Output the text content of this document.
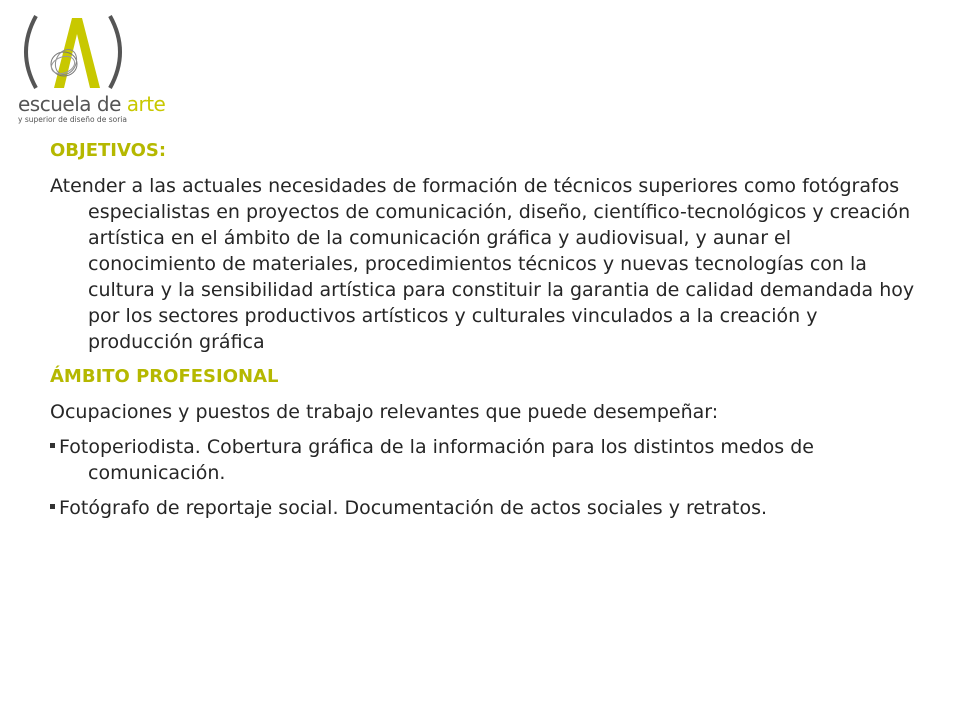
escuela de arte
y superior de diseño de soria
OBJETIVOS:
Atender a las actuales necesidades de formación de técnicos superiores como fotógrafos especialistas en proyectos de comunicación, diseño, científico-tecnológicos y creación artística en el ámbito de la comunicación gráfica y audiovisual, y aunar el conocimiento de materiales, procedimientos técnicos y nuevas tecnologías con la cultura y la sensibilidad artística para constituir la garantia de calidad demandada hoy por los sectores productivos artísticos y culturales vinculados a la creación y producción gráfica
ÁMBITO PROFESIONAL
Ocupaciones y puestos de trabajo relevantes que puede desempeñar:
Fotoperiodista. Cobertura gráfica de la información para los distintos medos de comunicación.
Fotógrafo de reportaje social. Documentación de actos sociales y retratos.
